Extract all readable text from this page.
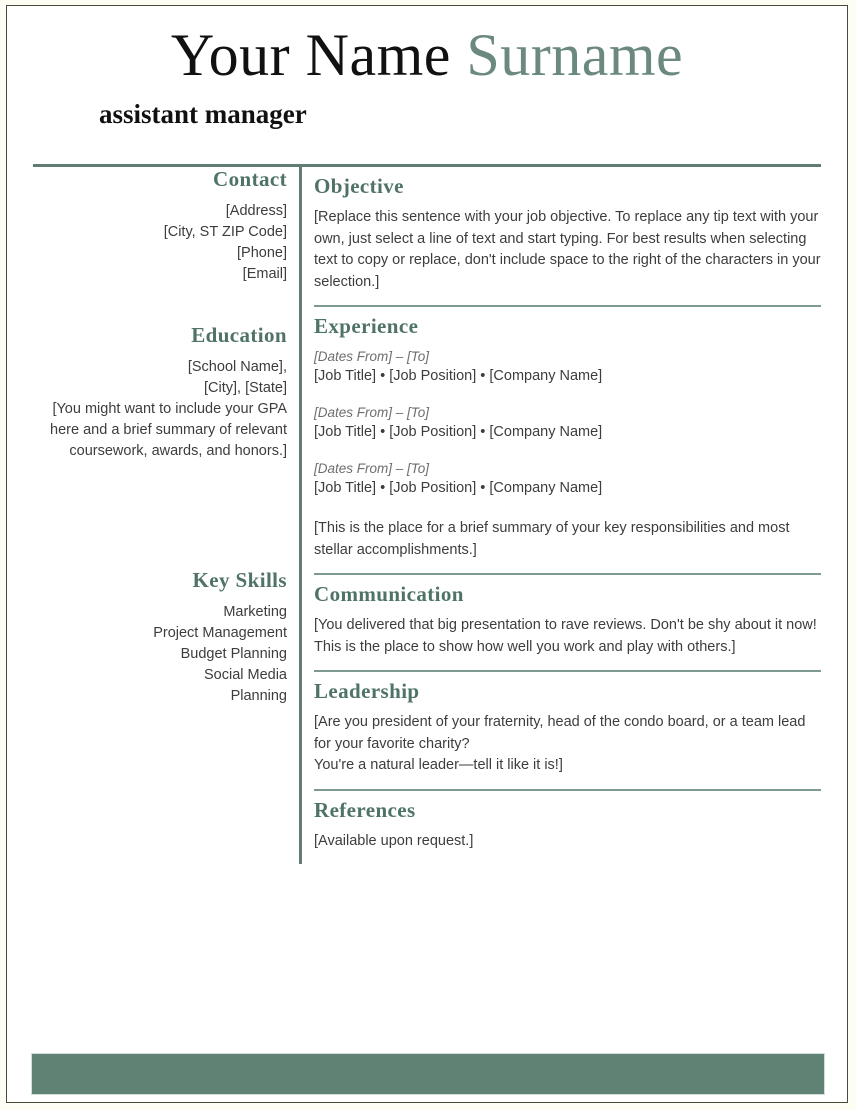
Your Name Surname
assistant manager
Contact
[Address]
[City, ST ZIP Code]
[Phone]
[Email]
Education
[School Name],
[City], [State]
[You might want to include your GPA here and a brief summary of relevant coursework, awards, and honors.]
Key Skills
Marketing
Project Management
Budget Planning
Social Media
Planning
Objective
[Replace this sentence with your job objective. To replace any tip text with your own, just select a line of text and start typing. For best results when selecting text to copy or replace, don't include space to the right of the characters in your selection.]
Experience
[Dates From] – [To]
[Job Title] • [Job Position] • [Company Name]
[Dates From] – [To]
[Job Title] • [Job Position] • [Company Name]
[Dates From] – [To]
[Job Title] • [Job Position] • [Company Name]
[This is the place for a brief summary of your key responsibilities and most stellar accomplishments.]
Communication
[You delivered that big presentation to rave reviews. Don't be shy about it now!
This is the place to show how well you work and play with others.]
Leadership
[Are you president of your fraternity, head of the condo board, or a team lead for your favorite charity?
You're a natural leader—tell it like it is!]
References
[Available upon request.]
